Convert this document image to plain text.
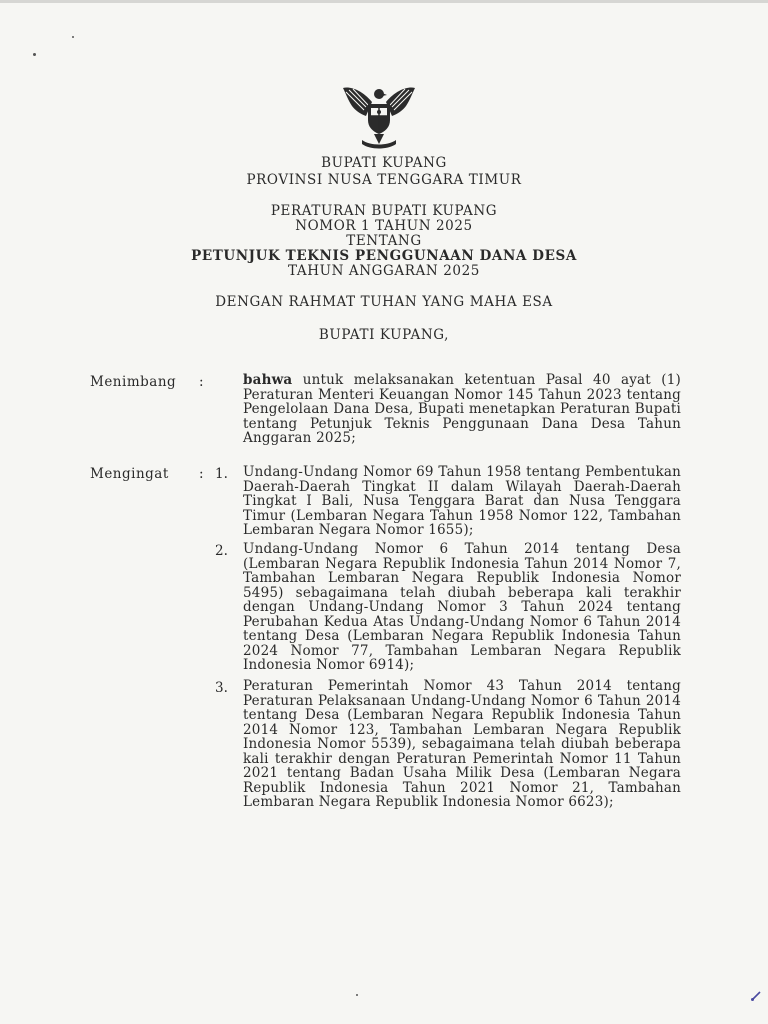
BUPATI KUPANG
PROVINSI NUSA TENGGARA TIMUR
PERATURAN BUPATI KUPANG
NOMOR 1 TAHUN 2025
TENTANG
PETUNJUK TEKNIS PENGGUNAAN DANA DESA
TAHUN ANGGARAN 2025
DENGAN RAHMAT TUHAN YANG MAHA ESA
BUPATI KUPANG,
Menimbang :	bahwa untuk melaksanakan ketentuan Pasal 40 ayat (1) Peraturan Menteri Keuangan Nomor 145 Tahun 2023 tentang Pengelolaan Dana Desa, Bupati menetapkan Peraturan Bupati tentang Petunjuk Teknis Penggunaan Dana Desa Tahun Anggaran 2025;
Mengingat : 1. Undang-Undang Nomor 69 Tahun 1958 tentang Pembentukan Daerah-Daerah Tingkat II dalam Wilayah Daerah-Daerah Tingkat I Bali, Nusa Tenggara Barat dan Nusa Tenggara Timur (Lembaran Negara Tahun 1958 Nomor 122, Tambahan Lembaran Negara Nomor 1655);
2. Undang-Undang Nomor 6 Tahun 2014 tentang Desa (Lembaran Negara Republik Indonesia Tahun 2014 Nomor 7, Tambahan Lembaran Negara Republik Indonesia Nomor 5495) sebagaimana telah diubah beberapa kali terakhir dengan Undang-Undang Nomor 3 Tahun 2024 tentang Perubahan Kedua Atas Undang-Undang Nomor 6 Tahun 2014 tentang Desa (Lembaran Negara Republik Indonesia Tahun 2024 Nomor 77, Tambahan Lembaran Negara Republik Indonesia Nomor 6914);
3. Peraturan Pemerintah Nomor 43 Tahun 2014 tentang Peraturan Pelaksanaan Undang-Undang Nomor 6 Tahun 2014 tentang Desa (Lembaran Negara Republik Indonesia Tahun 2014 Nomor 123, Tambahan Lembaran Negara Republik Indonesia Nomor 5539), sebagaimana telah diubah beberapa kali terakhir dengan Peraturan Pemerintah Nomor 11 Tahun 2021 tentang Badan Usaha Milik Desa (Lembaran Negara Republik Indonesia Tahun 2021 Nomor 21, Tambahan Lembaran Negara Republik Indonesia Nomor 6623);
